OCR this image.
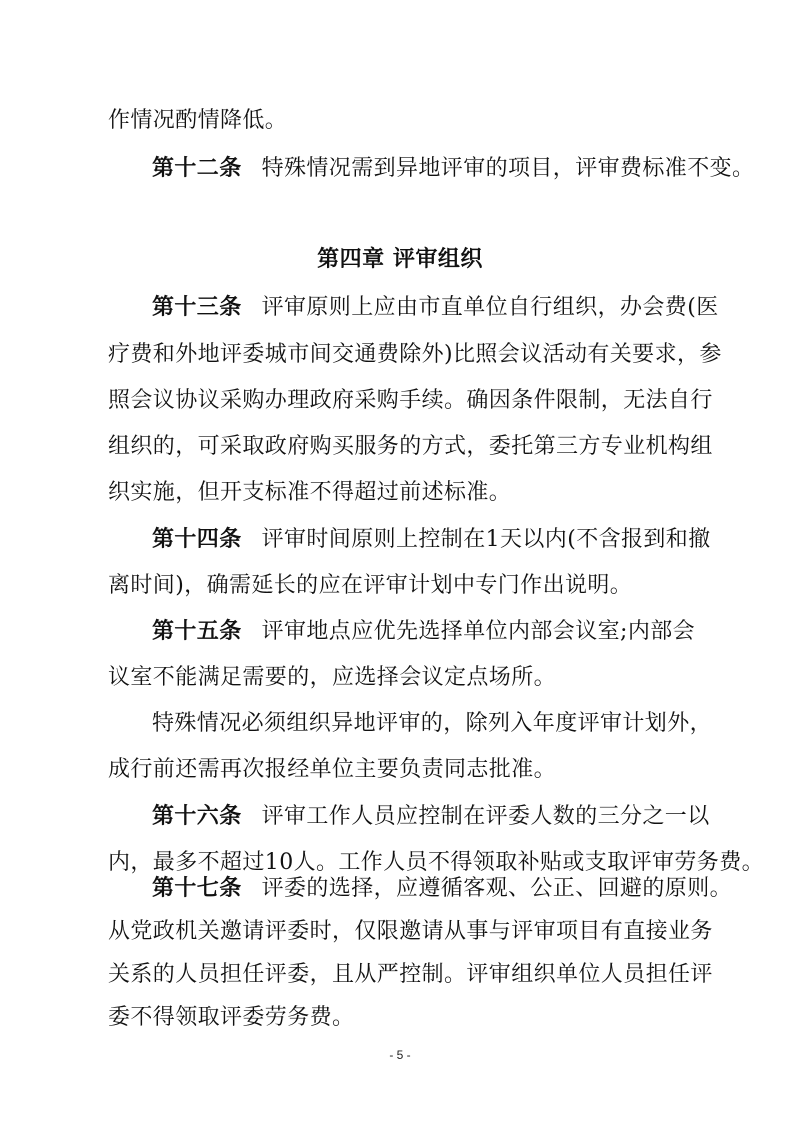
作情况酌情降低。
第十二条 特殊情况需到异地评审的项目，评审费标准不变。
第四章 评审组织
第十三条 评审原则上应由市直单位自行组织，办会费(医
疗费和外地评委城市间交通费除外)比照会议活动有关要求，参
照会议协议采购办理政府采购手续。确因条件限制，无法自行
组织的，可采取政府购买服务的方式，委托第三方专业机构组
织实施，但开支标准不得超过前述标准。
第十四条 评审时间原则上控制在1天以内(不含报到和撤
离时间)，确需延长的应在评审计划中专门作出说明。
第十五条 评审地点应优先选择单位内部会议室;内部会
议室不能满足需要的，应选择会议定点场所。
特殊情况必须组织异地评审的，除列入年度评审计划外，
成行前还需再次报经单位主要负责同志批准。
第十六条 评审工作人员应控制在评委人数的三分之一以
内，最多不超过10人。工作人员不得领取补贴或支取评审劳务费。
第十七条 评委的选择，应遵循客观、公正、回避的原则。
从党政机关邀请评委时，仅限邀请从事与评审项目有直接业务
关系的人员担任评委，且从严控制。评审组织单位人员担任评
委不得领取评委劳务费。
- 5 -
